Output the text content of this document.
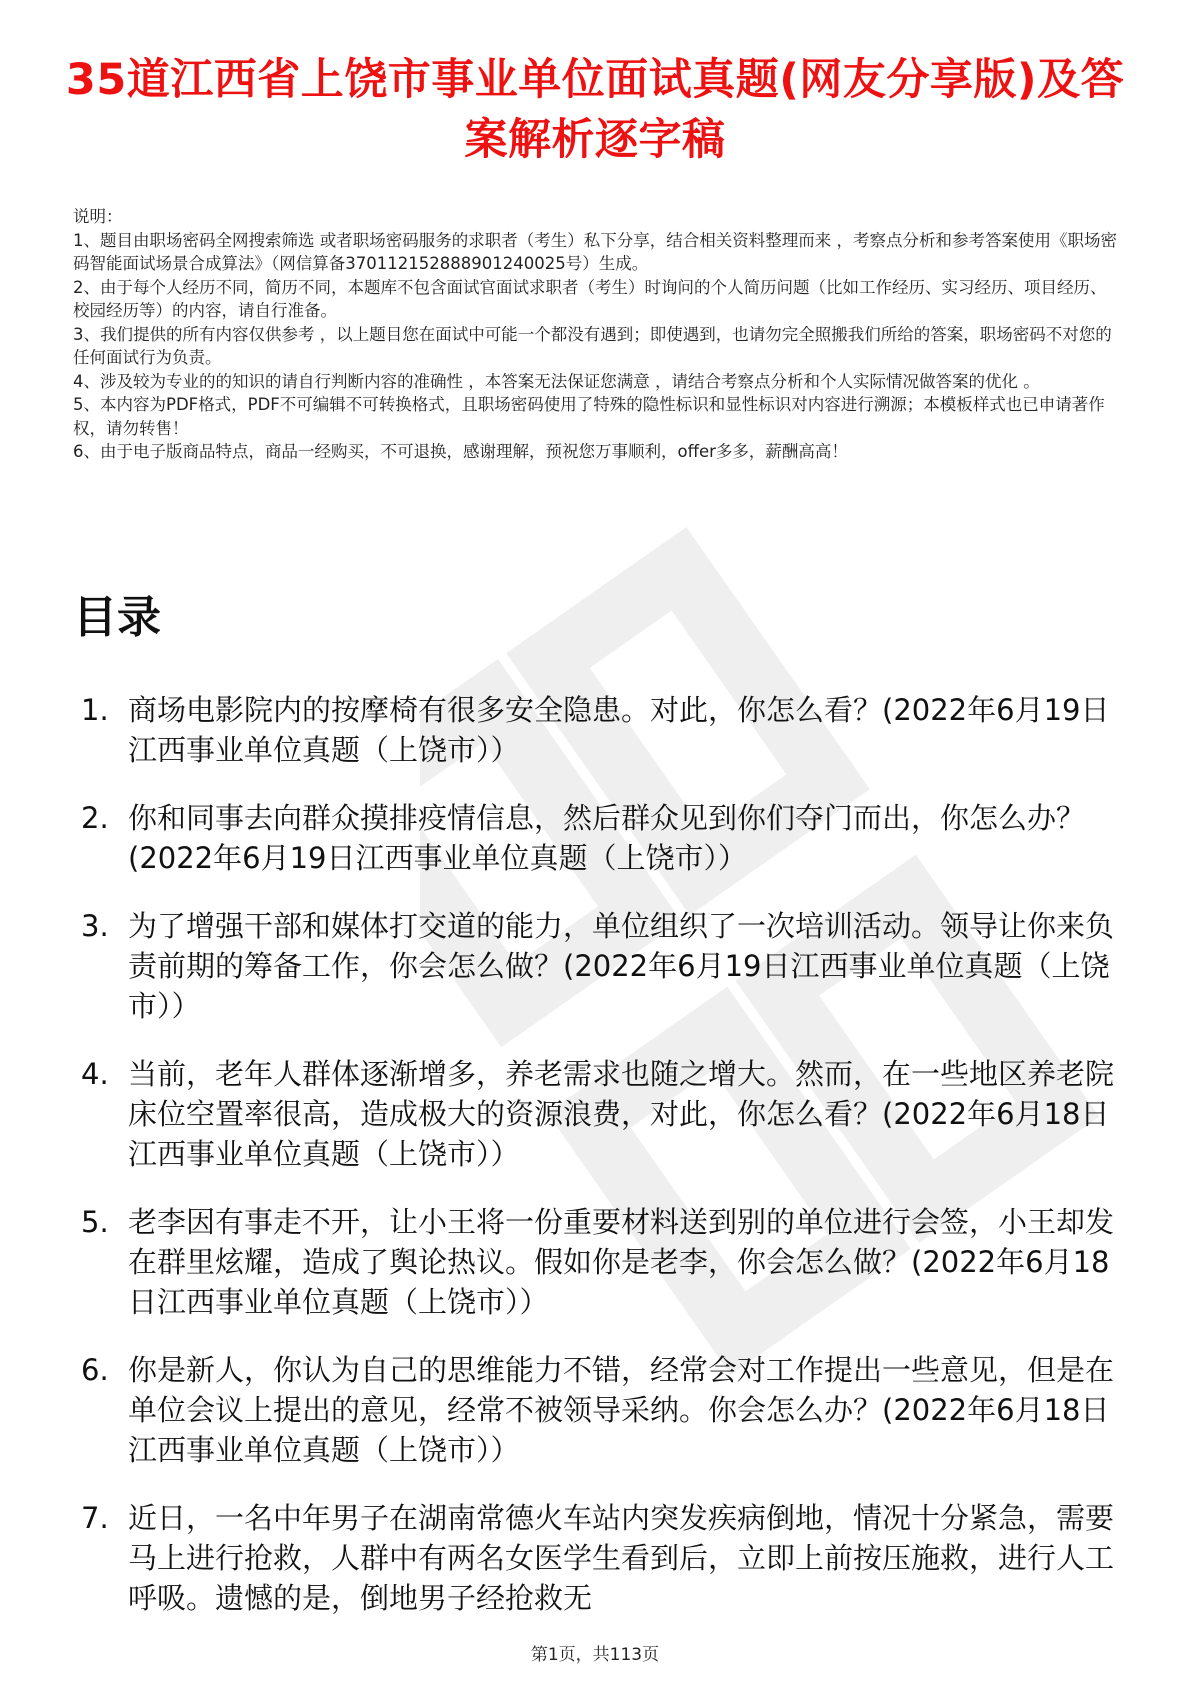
35道江西省上饶市事业单位面试真题(网友分享版)及答案解析逐字稿

说明：

1、题目由职场密码全网搜索筛选 或者职场密码服务的求职者（考生）私下分享，结合相关资料整理而来 ，考察点分析和参考答案使用《职场密码智能面试场景合成算法》（网信算备370112152888901240025号）生成。

2、由于每个人经历不同，简历不同，本题库不包含面试官面试求职者（考生）时询问的个人简历问题（比如工作经历、实习经历、项目经历、校园经历等）的内容，请自行准备。

3、我们提供的所有内容仅供参考 ，以上题目您在面试中可能一个都没有遇到；即使遇到，也请勿完全照搬我们所给的答案，职场密码不对您的任何面试行为负责。

4、涉及较为专业的的知识的请自行判断内容的准确性 ，本答案无法保证您满意 ，请结合考察点分析和个人实际情况做答案的优化 。

5、本内容为PDF格式，PDF不可编辑不可转换格式，且职场密码使用了特殊的隐性标识和显性标识对内容进行溯源；本模板样式也已申请著作权，请勿转售！

6、由于电子版商品特点，商品一经购买，不可退换，感谢理解，预祝您万事顺利，offer多多，薪酬高高！

目录
1. 商场电影院内的按摩椅有很多安全隐患。对此，你怎么看？(2022年6月19日江西事业单位真题（上饶市））
2. 你和同事去向群众摸排疫情信息，然后群众见到你们夺门而出，你怎么办？(2022年6月19日江西事业单位真题（上饶市））
3. 为了增强干部和媒体打交道的能力，单位组织了一次培训活动。领导让你来负责前期的筹备工作，你会怎么做？(2022年6月19日江西事业单位真题（上饶市））
4. 当前，老年人群体逐渐增多，养老需求也随之增大。然而，在一些地区养老院床位空置率很高，造成极大的资源浪费，对此，你怎么看？(2022年6月18日江西事业单位真题（上饶市））
5. 老李因有事走不开，让小王将一份重要材料送到别的单位进行会签，小王却发在群里炫耀，造成了舆论热议。假如你是老李，你会怎么做？(2022年6月18日江西事业单位真题（上饶市））
6. 你是新人，你认为自己的思维能力不错，经常会对工作提出一些意见，但是在单位会议上提出的意见，经常不被领导采纳。你会怎么办？(2022年6月18日江西事业单位真题（上饶市））
7. 近日，一名中年男子在湖南常德火车站内突发疾病倒地，情况十分紧急，需要马上进行抢救，人群中有两名女医学生看到后，立即上前按压施救，进行人工呼吸。遗憾的是，倒地男子经抢救无
第1页，共113页
